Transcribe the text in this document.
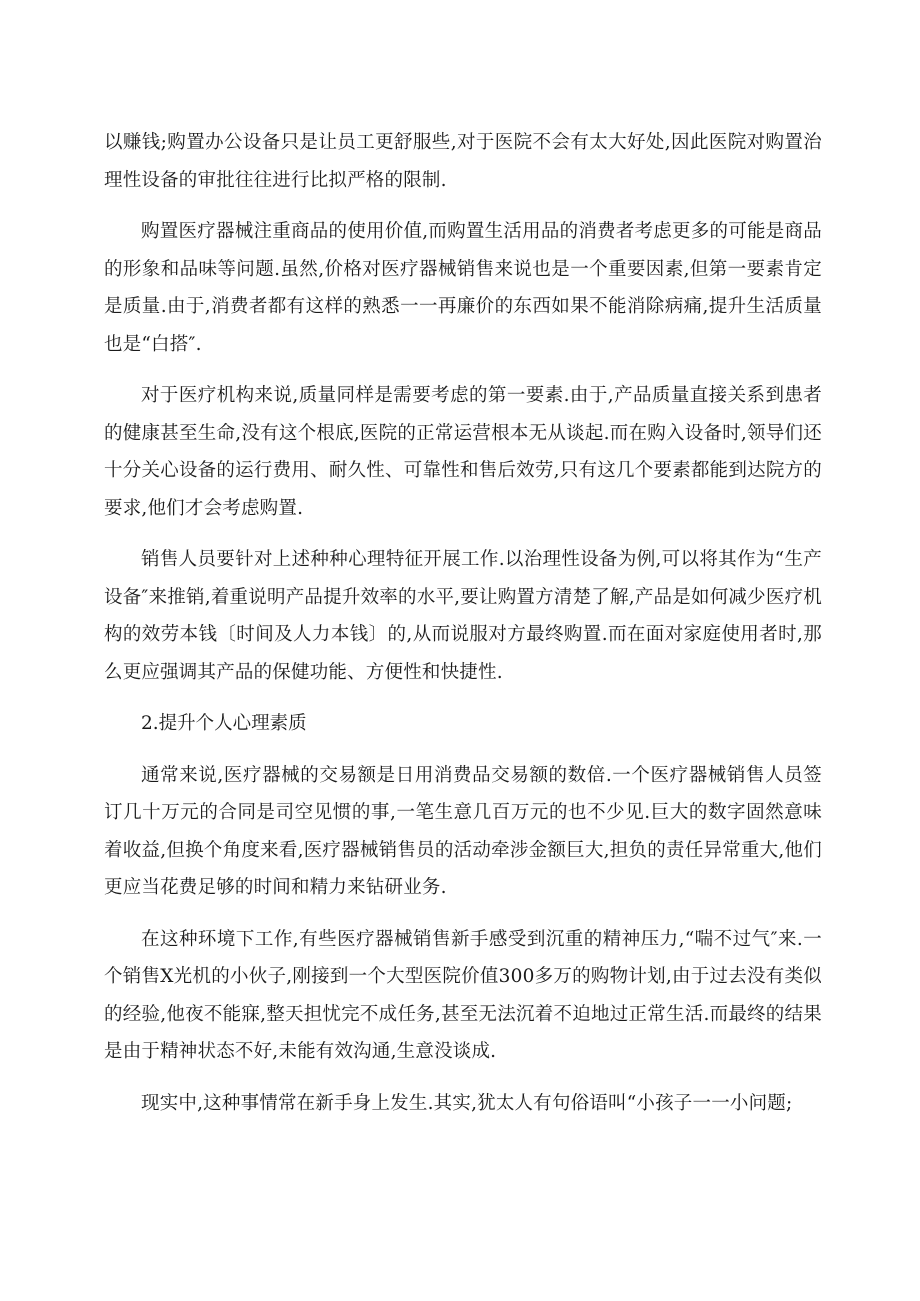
以赚钱;购置办公设备只是让员工更舒服些,对于医院不会有太大好处,因此医院对购置治理性设备的审批往往进行比拟严格的限制.

购置医疗器械注重商品的使用价值,而购置生活用品的消费者考虑更多的可能是商品的形象和品味等问题.虽然,价格对医疗器械销售来说也是一个重要因素,但第一要素肯定是质量.由于,消费者都有这样的熟悉一一再廉价的东西如果不能消除病痛,提升生活质量也是“白搭″.

对于医疗机构来说,质量同样是需要考虑的第一要素.由于,产品质量直接关系到患者的健康甚至生命,没有这个根底,医院的正常运营根本无从谈起.而在购入设备时,领导们还十分关心设备的运行费用、耐久性、可靠性和售后效劳,只有这几个要素都能到达院方的要求,他们才会考虑购置.

销售人员要针对上述种种心理特征开展工作.以治理性设备为例,可以将其作为“生产设备″来推销,着重说明产品提升效率的水平,要让购置方清楚了解,产品是如何减少医疗机构的效劳本钱〔时间及人力本钱〕的,从而说服对方最终购置.而在面对家庭使用者时,那么更应强调其产品的保健功能、方便性和快捷性.

2.提升个人心理素质

通常来说,医疗器械的交易额是日用消费品交易额的数倍.一个医疗器械销售人员签订几十万元的合同是司空见惯的事,一笔生意几百万元的也不少见.巨大的数字固然意味着收益,但换个角度来看,医疗器械销售员的活动牵涉金额巨大,担负的责任异常重大,他们更应当花费足够的时间和精力来钻研业务.

在这种环境下工作,有些医疗器械销售新手感受到沉重的精神压力,“喘不过气″来.一个销售X光机的小伙子,刚接到一个大型医院价值300多万的购物计划,由于过去没有类似的经验,他夜不能寐,整天担忧完不成任务,甚至无法沉着不迫地过正常生活.而最终的结果是由于精神状态不好,未能有效沟通,生意没谈成.

现实中,这种事情常在新手身上发生.其实,犹太人有句俗语叫“小孩子一一小问题;
